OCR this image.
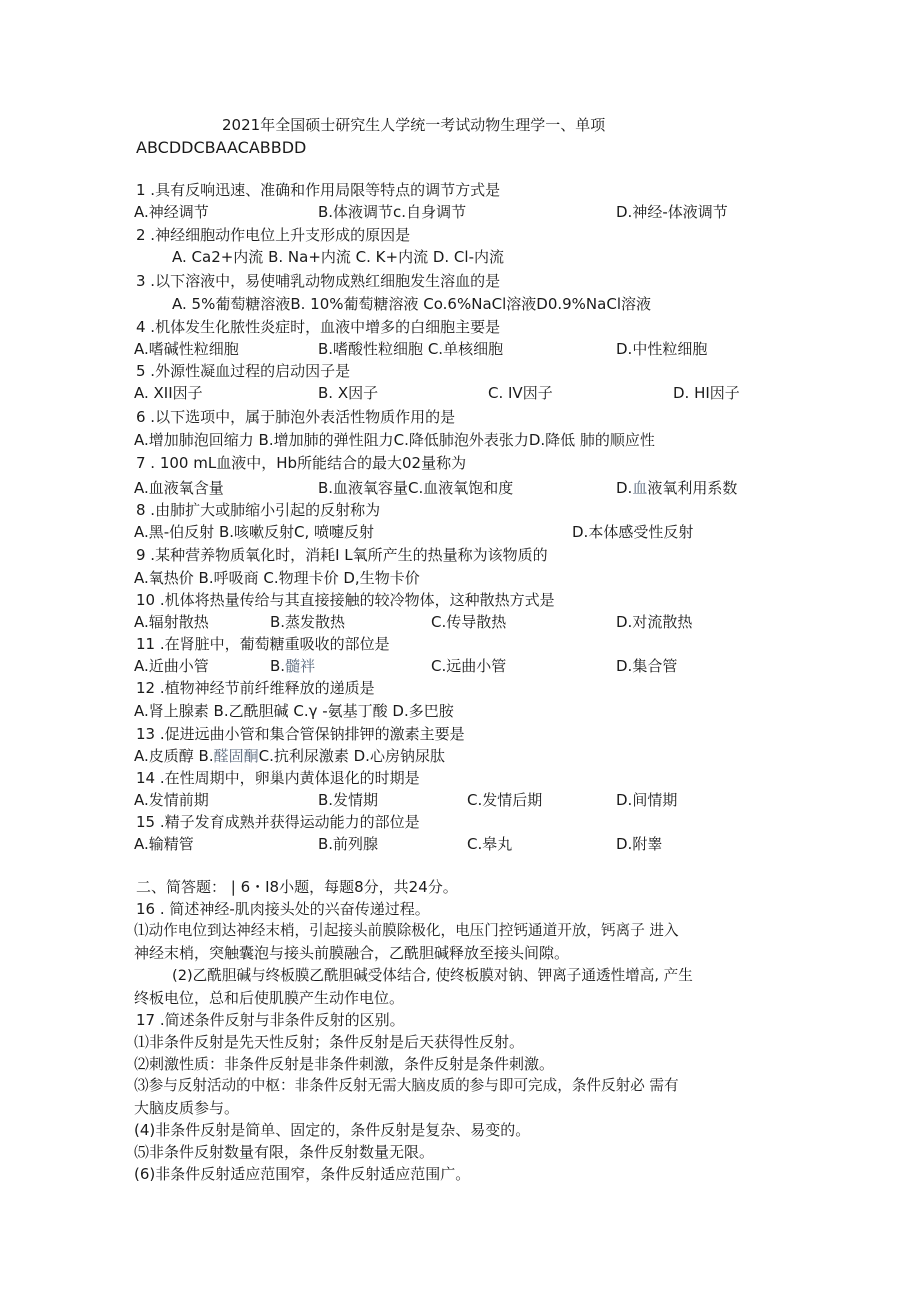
2021年全国硕士研究生人学统一考试动物生理学一、单项
ABCDDCBAACABBDD
1 .具有反响迅速、准确和作用局限等特点的调节方式是
A.神经调节	B.体液调节c.自身调节	D.神经-体液调节
2 .神经细胞动作电位上升支形成的原因是
A. Ca2+内流 B. Na+内流 C. K+内流 D. Cl-内流
3 .以下溶液中，易使哺乳动物成熟红细胞发生溶血的是
A. 5%葡萄糖溶液B. 10%葡萄糖溶液 Co.6%NaCl溶液D0.9%NaCl溶液
4 .机体发生化脓性炎症时，血液中增多的白细胞主要是
A.嗜碱性粒细胞	B.嗜酸性粒细胞 C.单核细胞	D.中性粒细胞
5 .外源性凝血过程的启动因子是
A. XII因子	B. X因子	C. IV因子	D. HI因子
6 .以下选项中，属于肺泡外表活性物质作用的是
A.增加肺泡回缩力 B.增加肺的弹性阻力C.降低肺泡外表张力D.降低 肺的顺应性
7 . 100 mL血液中，Hb所能结合的最大02量称为
A.血液氧含量	B.血液氧容量C.血液氧饱和度	D.血液氧利用系数
8 .由肺扩大或肺缩小引起的反射称为
A.黑-伯反射 B.咳嗽反射C, 喷嚏反射	D.本体感受性反射
9 .某种营养物质氧化时，消耗I L氧所产生的热量称为该物质的
A.氧热价 B.呼吸商 C.物理卡价 D,生物卡价
10 .机体将热量传给与其直接接触的较冷物体，这种散热方式是
A.辐射散热	B.蒸发散热	C.传导散热	D.对流散热
11 .在肾脏中，葡萄糖重吸收的部位是
A.近曲小管	B.髓袢	C.远曲小管	D.集合管
12 .植物神经节前纤维释放的递质是
A.肾上腺素 B.乙酰胆碱 C.γ -氨基丁酸 D.多巴胺
13 .促进远曲小管和集合管保钠排钾的激素主要是
A.皮质醇 B.醛固酮C.抗利尿激素 D.心房钠尿肽
14 .在性周期中，卵巢内黄体退化的时期是
A.发情前期	B.发情期	C.发情后期	D.间情期
15 .精子发育成熟并获得运动能力的部位是
A.输精管	B.前列腺	C.皋丸	D.附睾
二、简答题： | 6・I8小题，每题8分，共24分。
16 . 简述神经-肌肉接头处的兴奋传递过程。
⑴动作电位到达神经末梢，引起接头前膜除极化，电压门控钙通道开放，钙离子 进入
神经末梢，突触囊泡与接头前膜融合，乙酰胆碱释放至接头间隙。
(2)乙酰胆碱与终板膜乙酰胆碱受体结合, 使终板膜对钠、钾离子通透性增高, 产生
终板电位，总和后使肌膜产生动作电位。
17 .简述条件反射与非条件反射的区别。
⑴非条件反射是先天性反射；条件反射是后天获得性反射。
⑵刺激性质：非条件反射是非条件刺激，条件反射是条件刺激。
⑶参与反射活动的中枢：非条件反射无需大脑皮质的参与即可完成，条件反射必 需有
大脑皮质参与。
(4)非条件反射是简单、固定的，条件反射是复杂、易变的。
⑸非条件反射数量有限，条件反射数量无限。
(6)非条件反射适应范围窄，条件反射适应范围广。
